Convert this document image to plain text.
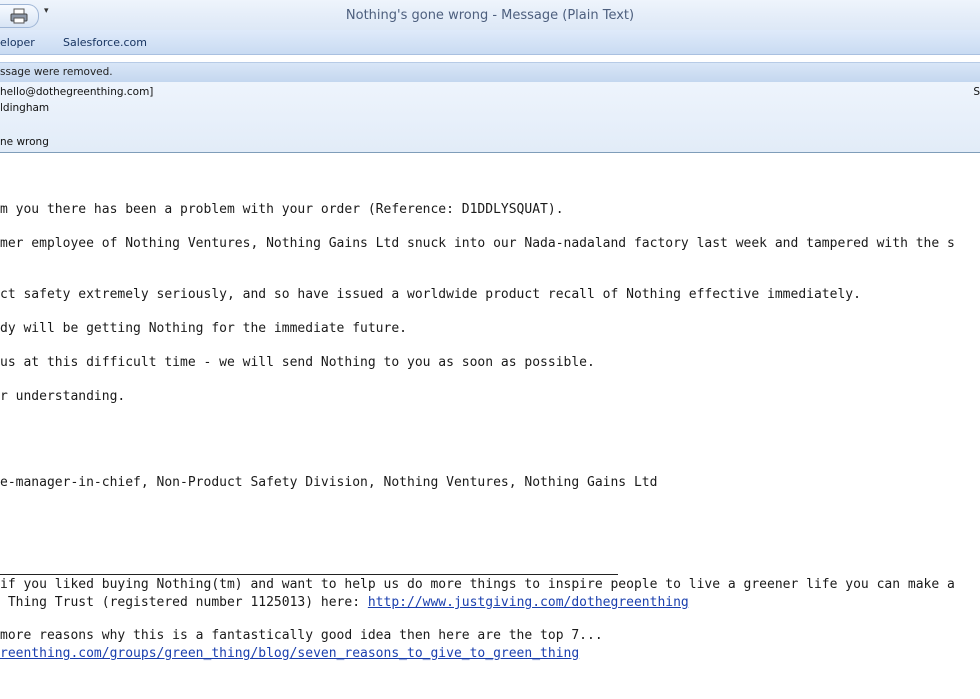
▾	Nothing's gone wrong - Message (Plain Text)
eloper	Salesforce.com
ssage were removed.
hello@dothegreenthing.com]	S
ldingham
ne wrong
m you there has been a problem with your order (Reference: D1DDLYSQUAT).
mer employee of Nothing Ventures, Nothing Gains Ltd snuck into our Nada-nadaland factory last week and tampered with the s
ct safety extremely seriously, and so have issued a worldwide product recall of Nothing effective immediately.
dy will be getting Nothing for the immediate future.
us at this difficult time - we will send Nothing to you as soon as possible.
r understanding.
e-manager-in-chief, Non-Product Safety Division, Nothing Ventures, Nothing Gains Ltd
if you liked buying Nothing(tm) and want to help us do more things to inspire people to live a greener life you can make a
Thing Trust (registered number 1125013) here: http://www.justgiving.com/dothegreenthing
more reasons why this is a fantastically good idea then here are the top 7...
reenthing.com/groups/green_thing/blog/seven_reasons_to_give_to_green_thing
